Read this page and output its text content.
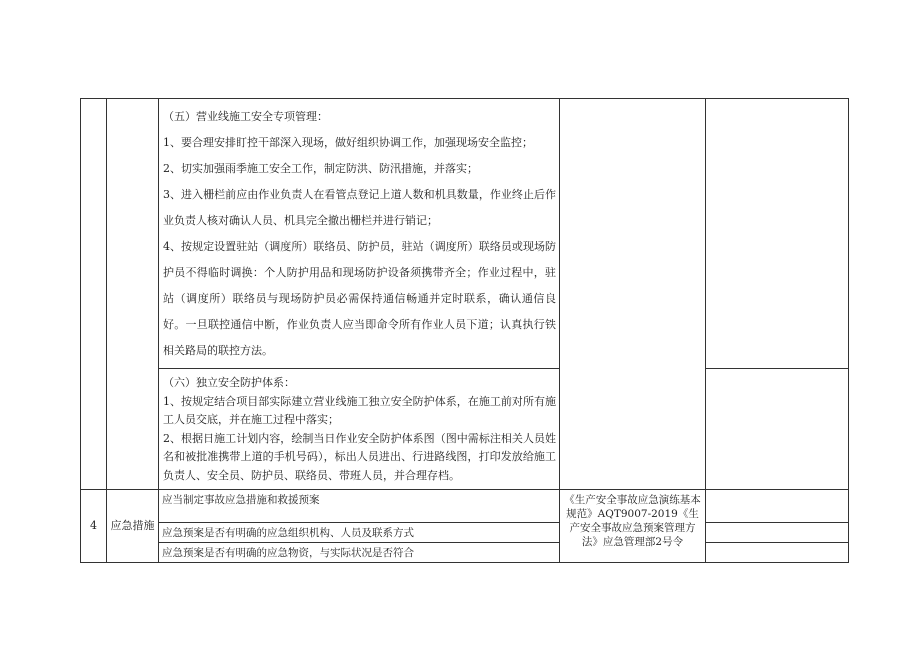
		（五）营业线施工安全专项管理：

1、要合理安排盯控干部深入现场，做好组织协调工作，加强现场安全监控；

2、切实加强雨季施工安全工作，制定防洪、防汛措施，并落实；

3、进入栅栏前应由作业负责人在看管点登记上道人数和机具数量，作业终止后作业负责人核对确认人员、机具完全撤出栅栏并进行销记；

4、按规定设置驻站（调度所）联络员、防护员，驻站（调度所）联络员或现场防护员不得临时调换：个人防护用品和现场防护设备须携带齐全；作业过程中，驻站（调度所）联络员与现场防护员必需保持通信畅通并定时联系，确认通信良好。一旦联控通信中断，作业负责人应当即命令所有作业人员下道；认真执行铁相关路局的联控方法。		

		（六）独立安全防护体系：

1、按规定结合项目部实际建立营业线施工独立安全防护体系，在施工前对所有施工人员交底，并在施工过程中落实；

2、根据日施工计划内容，绘制当日作业安全防护体系图（图中需标注相关人员姓名和被批准携带上道的手机号码），标出人员进出、行进路线图，打印发放给施工负责人、安全员、防护员、联络员、带班人员，并合理存档。		

4	应急措施	应当制定事故应急措施和救援预案	《生产安全事故应急演练基本规范》AQT9007-2019《生产安全事故应急预案管理方法》应急管理部2号令	

		应急预案是否有明确的应急组织机构、人员及联系方式		

		应急预案是否有明确的应急物资，与实际状况是否符合		
